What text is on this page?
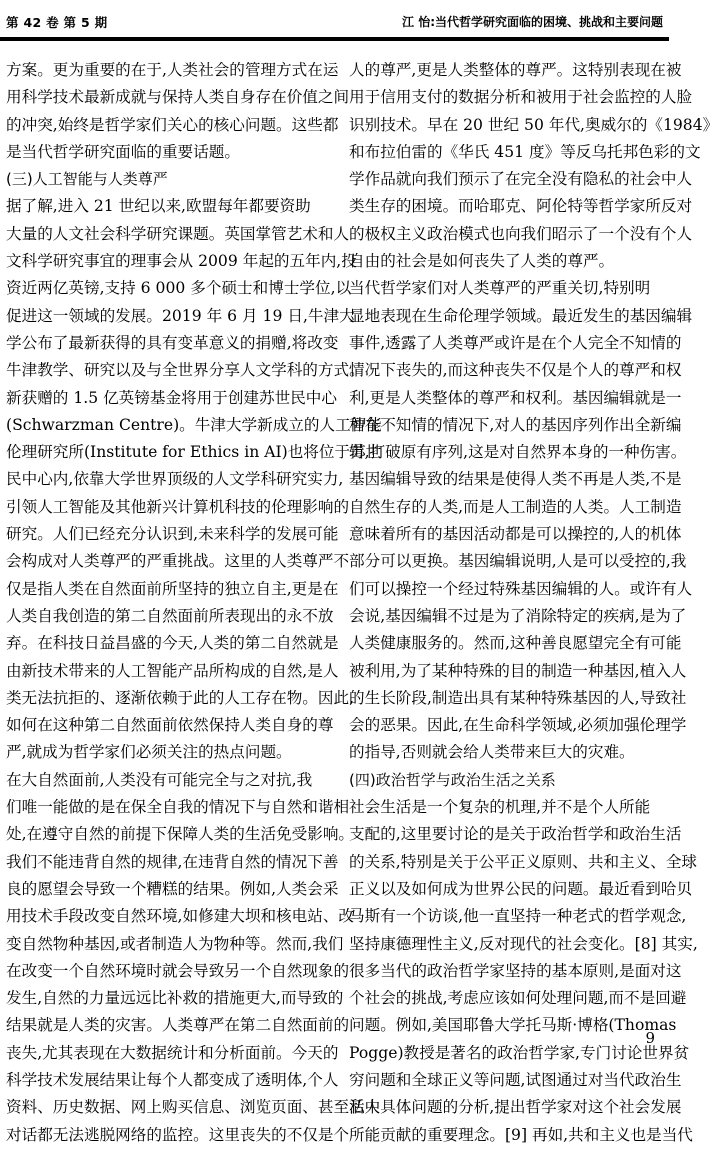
第 42 卷 第 5 期	江 怡:当代哲学研究面临的困境、挑战和主要问题
方案。更为重要的在于,人类社会的管理方式在运
用科学技术最新成就与保持人类自身存在价值之间
的冲突,始终是哲学家们关心的核心问题。这些都
是当代哲学研究面临的重要话题。
(三)人工智能与人类尊严
据了解,进入 21 世纪以来,欧盟每年都要资助
大量的人文社会科学研究课题。英国掌管艺术和人
文科学研究事宜的理事会从 2009 年起的五年内,投
资近两亿英镑,支持 6 000 多个硕士和博士学位,以
促进这一领域的发展。2019 年 6 月 19 日,牛津大
学公布了最新获得的具有变革意义的捐赠,将改变
牛津教学、研究以及与全世界分享人文学科的方式。
新获赠的 1.5 亿英镑基金将用于创建苏世民中心
(Schwarzman Centre)。牛津大学新成立的人工智能
伦理研究所(Institute for Ethics in AI)也将位于苏世
民中心内,依靠大学世界顶级的人文学科研究实力,
引领人工智能及其他新兴计算机科技的伦理影响的
研究。人们已经充分认识到,未来科学的发展可能
会构成对人类尊严的严重挑战。这里的人类尊严不
仅是指人类在自然面前所坚持的独立自主,更是在
人类自我创造的第二自然面前所表现出的永不放
弃。在科技日益昌盛的今天,人类的第二自然就是
由新技术带来的人工智能产品所构成的自然,是人
类无法抗拒的、逐渐依赖于此的人工存在物。因此,
如何在这种第二自然面前依然保持人类自身的尊
严,就成为哲学家们必须关注的热点问题。
在大自然面前,人类没有可能完全与之对抗,我
们唯一能做的是在保全自我的情况下与自然和谐相
处,在遵守自然的前提下保障人类的生活免受影响。
我们不能违背自然的规律,在违背自然的情况下善
良的愿望会导致一个糟糕的结果。例如,人类会采
用技术手段改变自然环境,如修建大坝和核电站、改
变自然物种基因,或者制造人为物种等。然而,我们
在改变一个自然环境时就会导致另一个自然现象的
发生,自然的力量远远比补救的措施更大,而导致的
结果就是人类的灾害。人类尊严在第二自然面前的
丧失,尤其表现在大数据统计和分析面前。今天的
科学技术发展结果让每个人都变成了透明体,个人
资料、历史数据、网上购买信息、浏览页面、甚至私人
对话都无法逃脱网络的监控。这里丧失的不仅是个
人的尊严,更是人类整体的尊严。这特别表现在被
用于信用支付的数据分析和被用于社会监控的人脸
识别技术。早在 20 世纪 50 年代,奥威尔的《1984》
和布拉伯雷的《华氏 451 度》等反乌托邦色彩的文
学作品就向我们预示了在完全没有隐私的社会中人
类生存的困境。而哈耶克、阿伦特等哲学家所反对
的极权主义政治模式也向我们昭示了一个没有个人
自由的社会是如何丧失了人类的尊严。
当代哲学家们对人类尊严的严重关切,特别明
显地表现在生命伦理学领域。最近发生的基因编辑
事件,透露了人类尊严或许是在个人完全不知情的
情况下丧失的,而这种丧失不仅是个人的尊严和权
利,更是人类整体的尊严和权利。基因编辑就是一
种在不知情的情况下,对人的基因序列作出全新编
辑,打破原有序列,这是对自然界本身的一种伤害。
基因编辑导致的结果是使得人类不再是人类,不是
自然生存的人类,而是人工制造的人类。人工制造
意味着所有的基因活动都是可以操控的,人的机体
部分可以更换。基因编辑说明,人是可以受控的,我
们可以操控一个经过特殊基因编辑的人。或许有人
会说,基因编辑不过是为了消除特定的疾病,是为了
人类健康服务的。然而,这种善良愿望完全有可能
被利用,为了某种特殊的目的制造一种基因,植入人
的生长阶段,制造出具有某种特殊基因的人,导致社
会的恶果。因此,在生命科学领域,必须加强伦理学
的指导,否则就会给人类带来巨大的灾难。
(四)政治哲学与政治生活之关系
社会生活是一个复杂的机理,并不是个人所能
支配的,这里要讨论的是关于政治哲学和政治生活
的关系,特别是关于公平正义原则、共和主义、全球
正义以及如何成为世界公民的问题。最近看到哈贝
马斯有一个访谈,他一直坚持一种老式的哲学观念,
坚持康德理性主义,反对现代的社会变化。[8] 其实,
很多当代的政治哲学家坚持的基本原则,是面对这
个社会的挑战,考虑应该如何处理问题,而不是回避
问题。例如,美国耶鲁大学托马斯·博格(Thomas
Pogge)教授是著名的政治哲学家,专门讨论世界贫
穷问题和全球正义等问题,试图通过对当代政治生
活中具体问题的分析,提出哲学家对这个社会发展
所能贡献的重要理念。[9] 再如,共和主义也是当代
9
